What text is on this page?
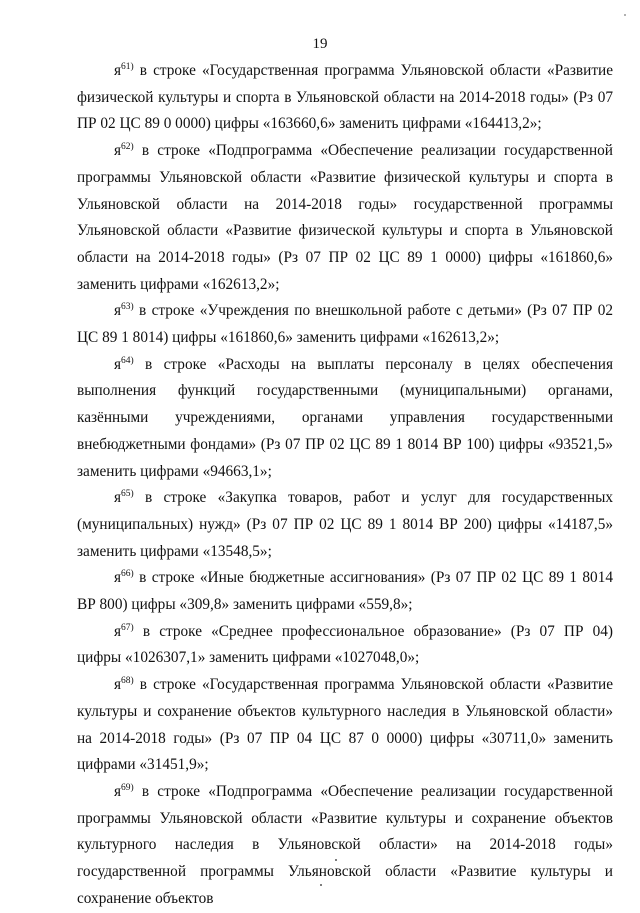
19

$я^{61)}$ в строке «Государственная программа Ульяновской области «Развитие физической культуры и спорта в Ульяновской области на 2014-2018 годы» (Рз 07 ПР 02 ЦС 89 0 0000) цифры «163660,6» заменить цифрами «164413,2»;

$я^{62)}$ в строке «Подпрограмма «Обеспечение реализации государственной программы Ульяновской области «Развитие физической культуры и спорта в Ульяновской области на 2014-2018 годы» государственной программы Ульяновской области «Развитие физической культуры и спорта в Ульяновской области на 2014-2018 годы» (Рз 07 ПР 02 ЦС 89 1 0000) цифры «161860,6» заменить цифрами «162613,2»;

$я^{63)}$ в строке «Учреждения по внешкольной работе с детьми» (Рз 07 ПР 02 ЦС 89 1 8014) цифры «161860,6» заменить цифрами «162613,2»;

$я^{64)}$ в строке «Расходы на выплаты персоналу в целях обеспечения выполнения функций государственными (муниципальными) органами, казёнными учреждениями, органами управления государственными внебюджетными фондами» (Рз 07 ПР 02 ЦС 89 1 8014 ВР 100) цифры «93521,5» заменить цифрами «94663,1»;

$я^{65)}$ в строке «Закупка товаров, работ и услуг для государственных (муниципальных) нужд» (Рз 07 ПР 02 ЦС 89 1 8014 ВР 200) цифры «14187,5» заменить цифрами «13548,5»;

$я^{66)}$ в строке «Иные бюджетные ассигнования» (Рз 07 ПР 02 ЦС 89 1 8014 ВР 800) цифры «309,8» заменить цифрами «559,8»;

$я^{67)}$ в строке «Среднее профессиональное образование» (Рз 07 ПР 04) цифры «1026307,1» заменить цифрами «1027048,0»;

$я^{68)}$ в строке «Государственная программа Ульяновской области «Развитие культуры и сохранение объектов культурного наследия в Ульяновской области» на 2014-2018 годы» (Рз 07 ПР 04 ЦС 87 0 0000) цифры «30711,0» заменить цифрами «31451,9»;

$я^{69)}$ в строке «Подпрограмма «Обеспечение реализации государственной программы Ульяновской области «Развитие культуры и сохранение объектов культурного наследия в Ульяновской области» на 2014-2018 годы» государственной программы Ульяновской области «Развитие культуры и сохранение объектов
